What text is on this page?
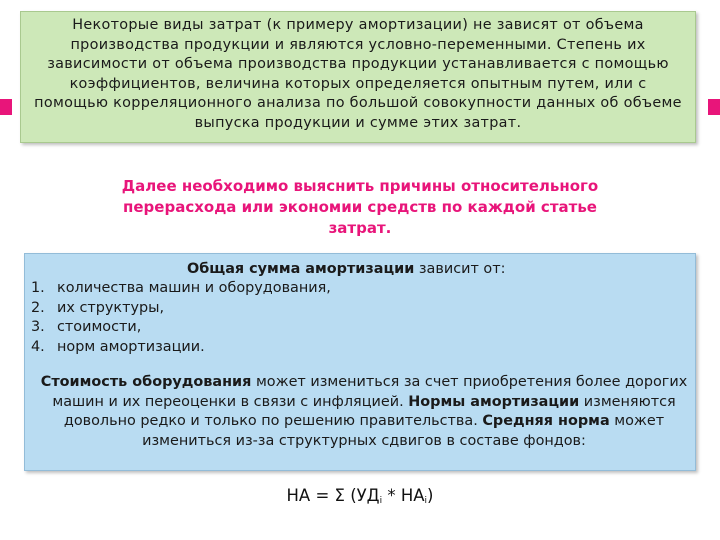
Некоторые виды затрат (к примеру амортизации) не зависят от объема производства продукции и являются условно-переменными. Степень их зависимости от объема производства продукции устанавливается с помощью коэффициентов, величина которых определяется опытным путем, или с помощью корреляционного анализа по большой совокупности данных об объеме выпуска продукции и сумме этих затрат.
Далее необходимо выяснить причины относительного перерасхода или экономии средств по каждой статье затрат.
Общая сумма амортизации зависит от:
1. количества машин и оборудования,
2. их структуры,
3. стоимости,
4. норм амортизации.
Стоимость оборудования может измениться за счет приобретения более дорогих машин и их переоценки в связи с инфляцией. Нормы амортизации изменяются довольно редко и только по решению правительства. Средняя норма может измениться из-за структурных сдвигов в составе фондов:
НА = Σ $(УД_i * НА_i)$
